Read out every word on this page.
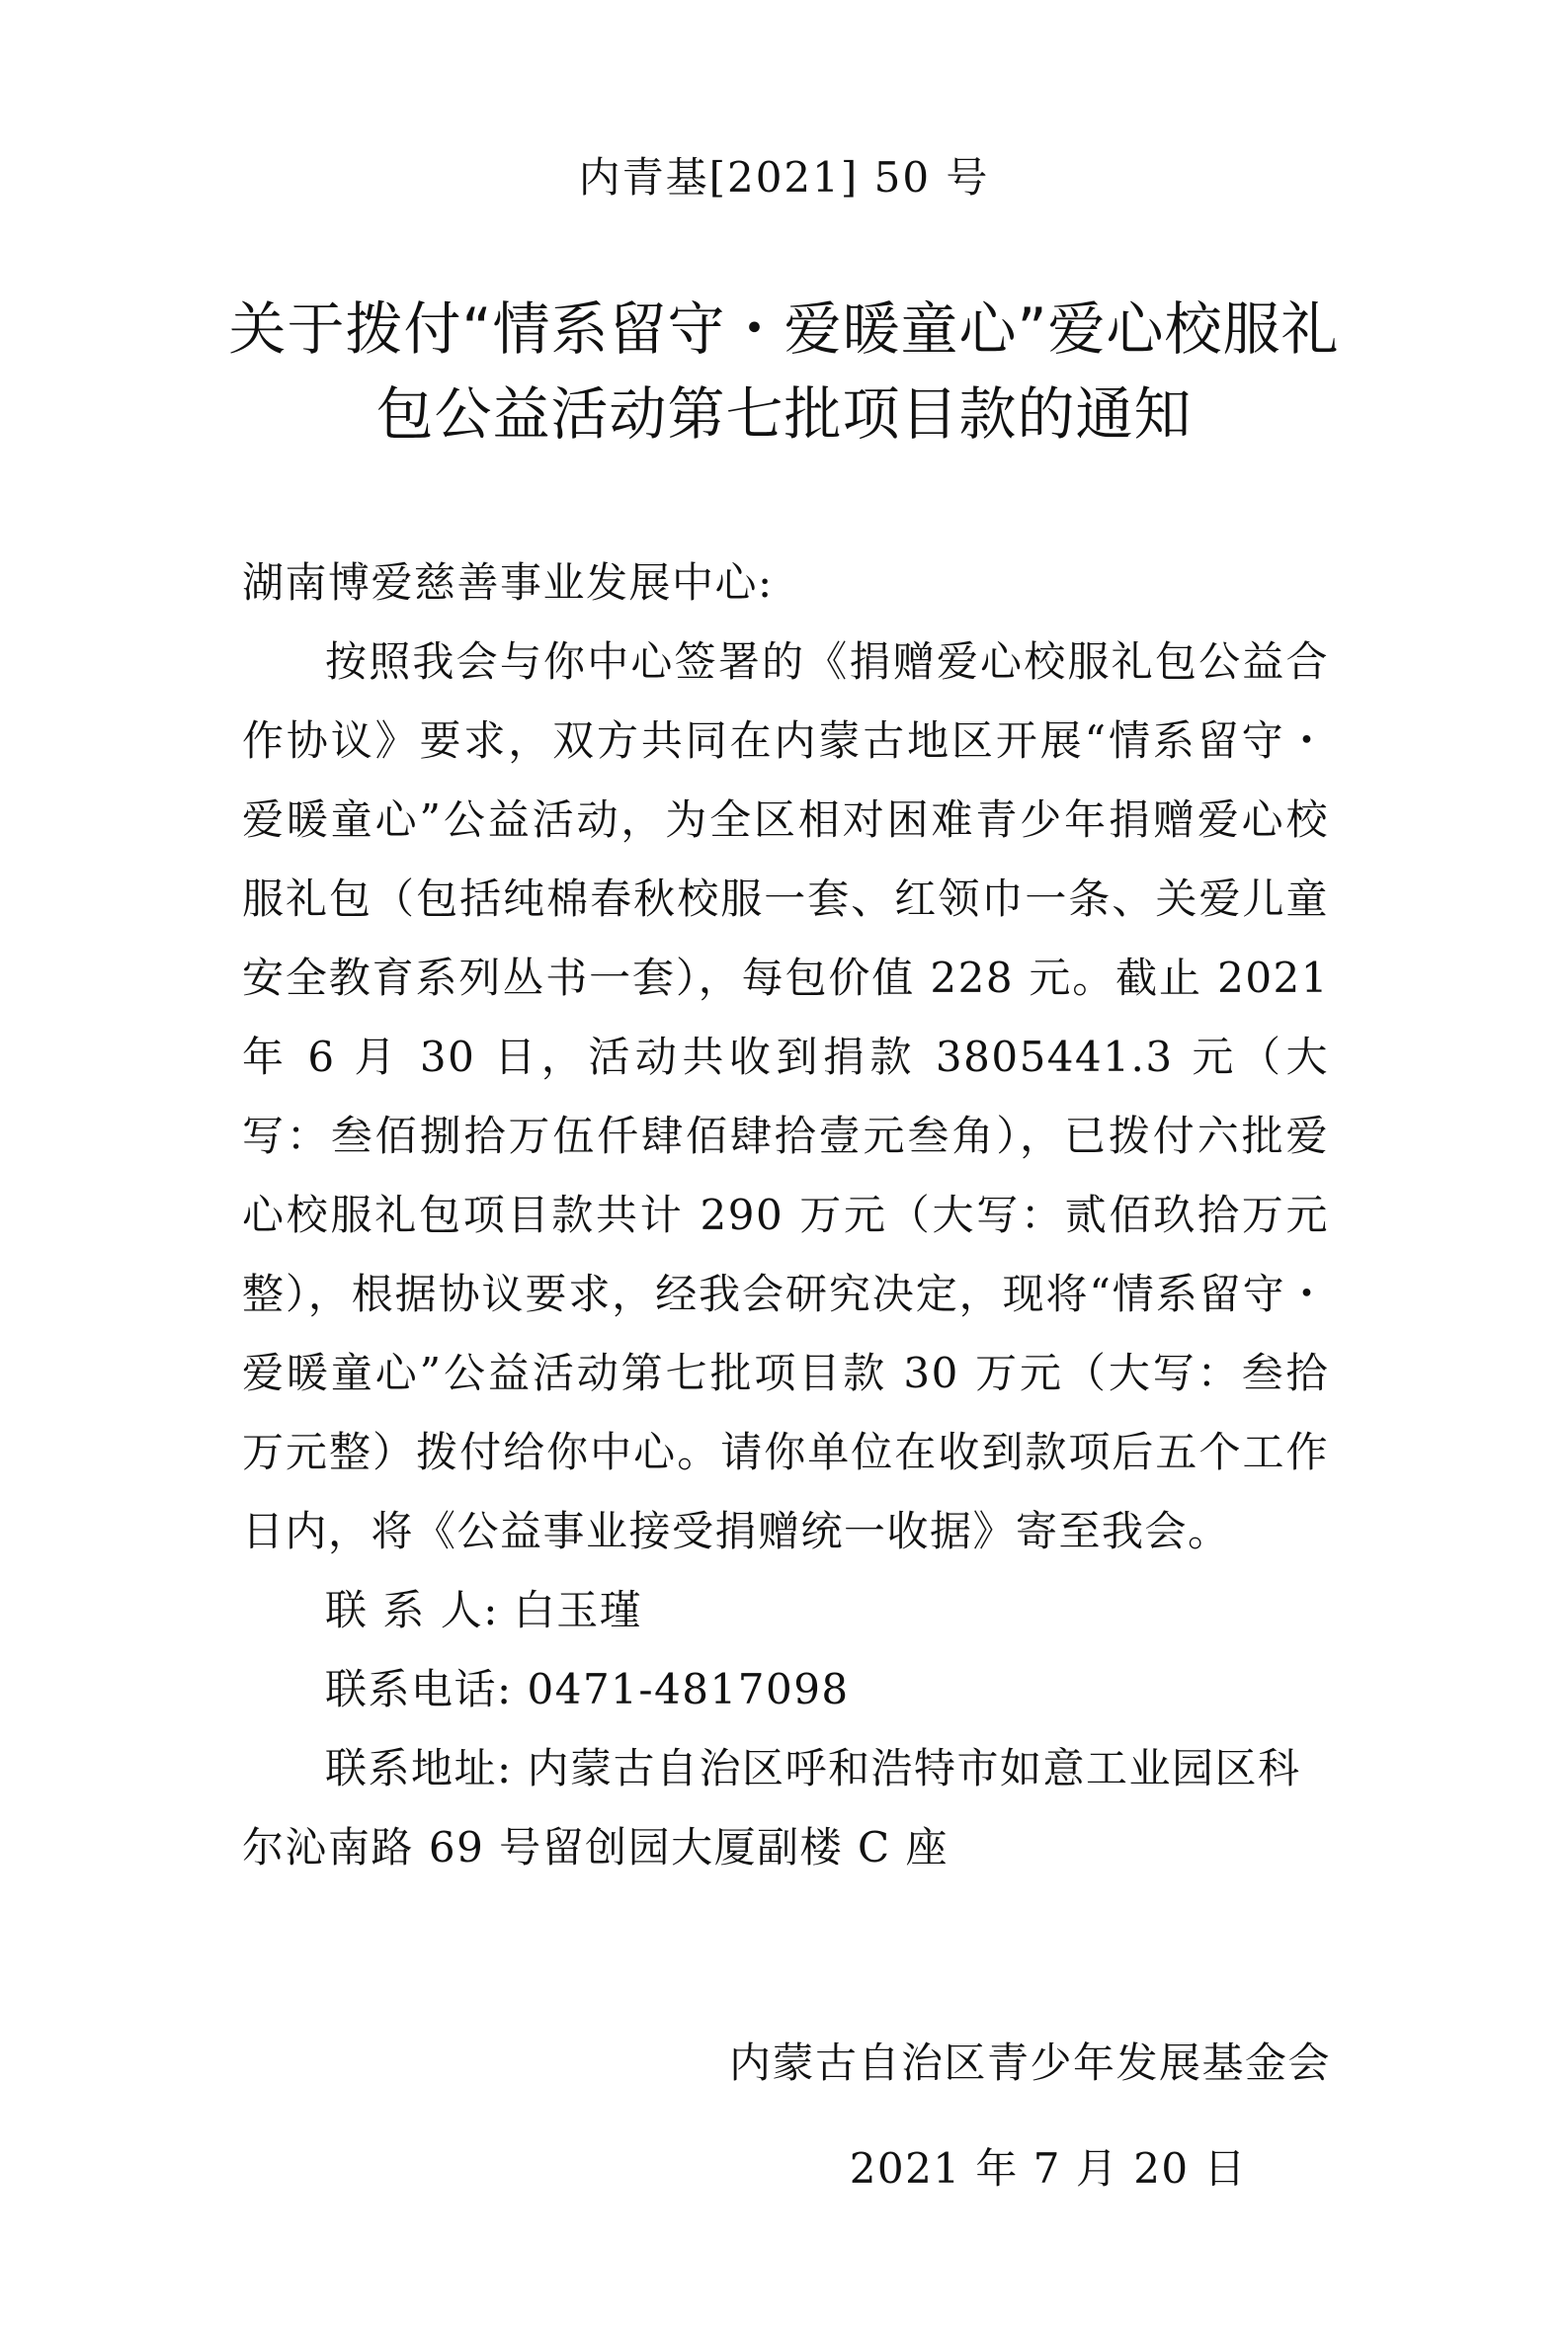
内青基[2021] 50 号
关于拨付“情系留守・爱暖童心”爱心校服礼
包公益活动第七批项目款的通知

湖南博爱慈善事业发展中心:

按照我会与你中心签署的《捐赠爱心校服礼包公益合作协议》要求，双方共同在内蒙古地区开展“情系留守・爱暖童心”公益活动，为全区相对困难青少年捐赠爱心校服礼包（包括纯棉春秋校服一套、红领巾一条、关爱儿童安全教育系列丛书一套），每包价值 228 元。截止 2021 年 6 月 30 日，活动共收到捐款 3805441.3 元（大写：叁佰捌拾万伍仟肆佰肆拾壹元叁角），已拨付六批爱心校服礼包项目款共计 290 万元（大写：贰佰玖拾万元整），根据协议要求，经我会研究决定，现将“情系留守・爱暖童心”公益活动第七批项目款 30 万元（大写：叁拾万元整）拨付给你中心。请你单位在收到款项后五个工作日内，将《公益事业接受捐赠统一收据》寄至我会。

联 系 人: 白玉瑾

联系电话: 0471-4817098

联系地址: 内蒙古自治区呼和浩特市如意工业园区科尔沁南路 69 号留创园大厦副楼 C 座

内蒙古自治区青少年发展基金会
2021 年 7 月 20 日
